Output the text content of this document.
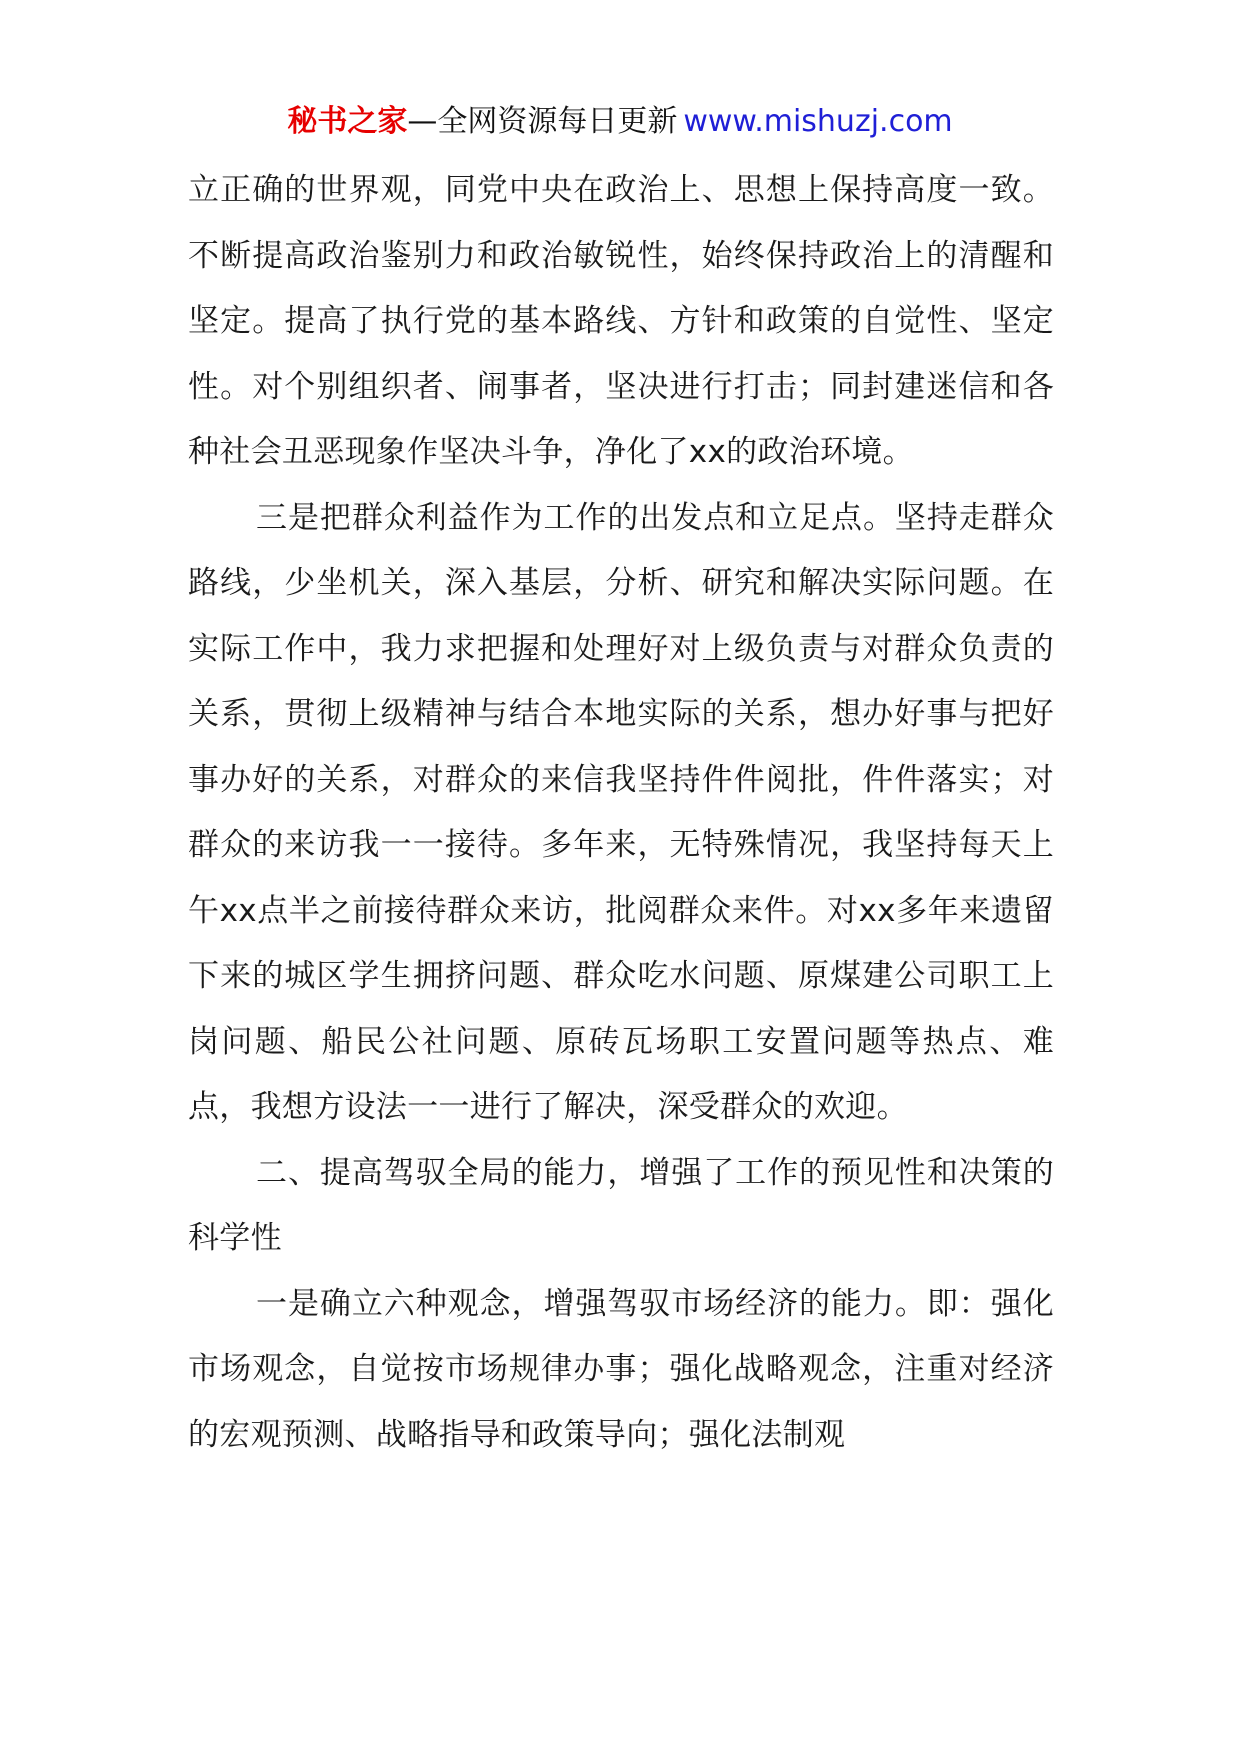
秘书之家—全网资源每日更新 www.mishuzj.com

立正确的世界观，同党中央在政治上、思想上保持高度一致。不断提高政治鉴别力和政治敏锐性，始终保持政治上的清醒和坚定。提高了执行党的基本路线、方针和政策的自觉性、坚定性。对个别组织者、闹事者，坚决进行打击；同封建迷信和各种社会丑恶现象作坚决斗争，净化了xx的政治环境。

三是把群众利益作为工作的出发点和立足点。坚持走群众路线，少坐机关，深入基层，分析、研究和解决实际问题。在实际工作中，我力求把握和处理好对上级负责与对群众负责的关系，贯彻上级精神与结合本地实际的关系，想办好事与把好事办好的关系，对群众的来信我坚持件件阅批，件件落实；对群众的来访我一一接待。多年来，无特殊情况，我坚持每天上午xx点半之前接待群众来访，批阅群众来件。对xx多年来遗留下来的城区学生拥挤问题、群众吃水问题、原煤建公司职工上岗问题、船民公社问题、原砖瓦场职工安置问题等热点、难点，我想方设法一一进行了解决，深受群众的欢迎。

二、提高驾驭全局的能力，增强了工作的预见性和决策的科学性

一是确立六种观念，增强驾驭市场经济的能力。即：强化市场观念，自觉按市场规律办事；强化战略观念，注重对经济的宏观预测、战略指导和政策导向；强化法制观
